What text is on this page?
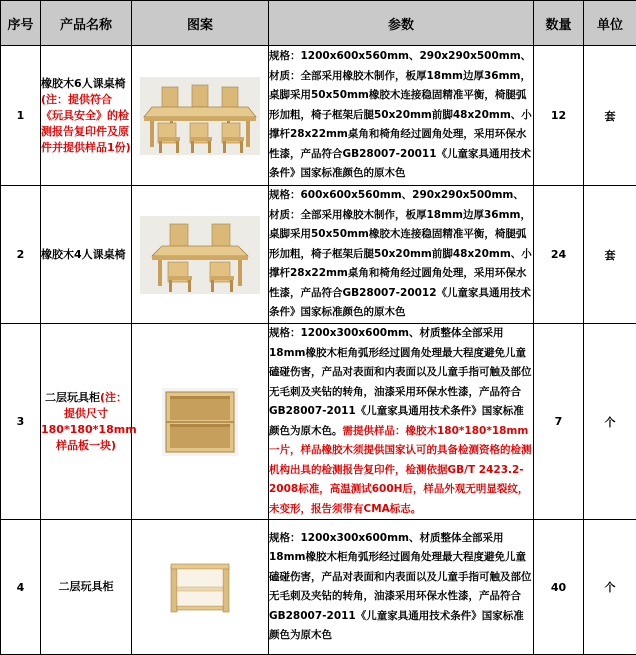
序号	产品名称	图案	参数	数量	单位
1	橡胶木6人课桌椅(注：提供符合《玩具安全》的检测报告复印件及原件并提供样品1份)		规格：1200x600x560mm、290x290x500mm、材质：全部采用橡胶木制作，板厚18mm边厚36mm，桌脚采用50x50mm橡胶木连接稳固精准平衡，椅腿弧形加粗，椅子框架后腿50x20mm前脚48x20mm、小撑杆28x22mm桌角和椅角经过圆角处理，采用环保水性漆，产品符合GB28007-20011《儿童家具通用技术条件》国家标准颜色的原木色	12	套
2	橡胶木4人课桌椅		规格：600x600x560mm、290x290x500mm、材质：全部采用橡胶木制作，板厚18mm边厚36mm，桌脚采用50x50mm橡胶木连接稳固精准平衡，椅腿弧形加粗，椅子框架后腿50x20mm前脚48x20mm、小撑杆28x22mm桌角和椅角经过圆角处理，采用环保水性漆，产品符合GB28007-20012《儿童家具通用技术条件》国家标准颜色的原木色	24	套
3	二层玩具柜(注：提供尺寸180*180*18mm样品板一块)		规格：1200x300x600mm、材质整体全部采用18mm橡胶木柜角弧形经过圆角处理最大程度避免儿童磕碰伤害，产品对表面和内表面以及儿童手指可触及部位无毛刺及夹钻的转角，油漆采用环保水性漆，产品符合GB28007-2011《儿童家具通用技术条件》国家标准颜色为原木色。需提供样品：橡胶木180*180*18mm一片，样品橡胶木须提供国家认可的具备检测资格的检测机构出具的检测报告复印件，检测依据GB/T 2423.2-2008标准，高温测试600H后，样品外观无明显裂纹，未变形，报告须带有CMA标志。	7	个
4	二层玩具柜		规格：1200x300x600mm、材质整体全部采用18mm橡胶木柜角弧形经过圆角处理最大程度避免儿童磕碰伤害，产品对表面和内表面以及儿童手指可触及部位无毛刺及夹钻的转角，油漆采用环保水性漆，产品符合GB28007-2011《儿童家具通用技术条件》国家标准颜色为原木色	40	个
